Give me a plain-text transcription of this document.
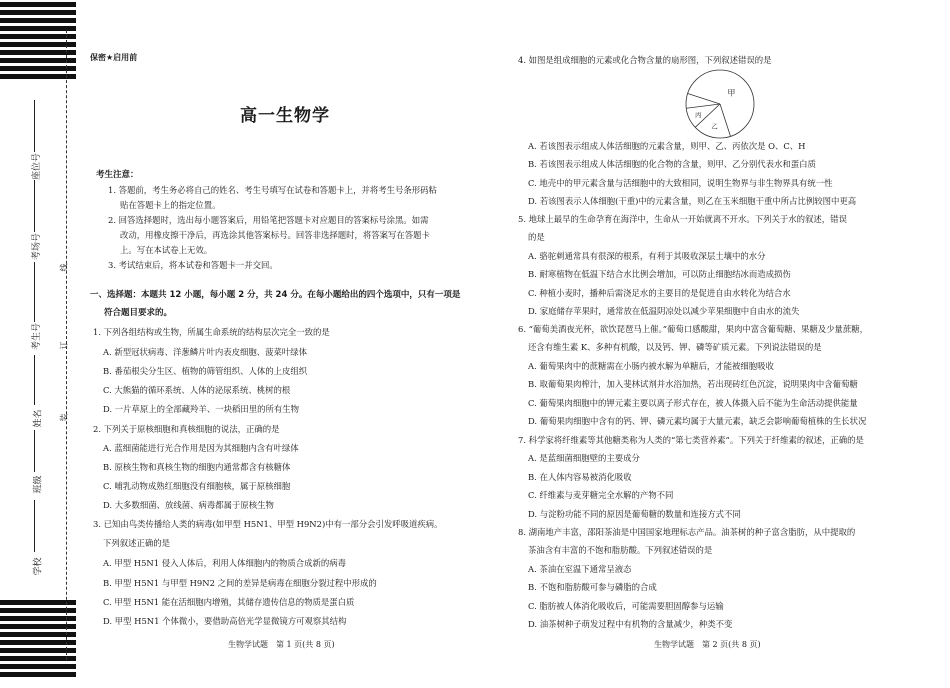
座位号
考场号
考生号
姓名
班级
学校
线
订
装
保密★启用前
高一生物学
考生注意：
1. 答题前，考生务必将自己的姓名、考生号填写在试卷和答题卡上，并将考生号条形码粘
贴在答题卡上的指定位置。
2. 回答选择题时，选出每小题答案后，用铅笔把答题卡对应题目的答案标号涂黑。如需
改动，用橡皮擦干净后，再选涂其他答案标号。回答非选择题时，将答案写在答题卡
上。写在本试卷上无效。
3. 考试结束后，将本试卷和答题卡一并交回。
一、选择题：本题共 12 小题，每小题 2 分，共 24 分。在每小题给出的四个选项中，只有一项是
符合题目要求的。
1. 下列各组结构或生物，所属生命系统的结构层次完全一致的是
A. 新型冠状病毒、洋葱鳞片叶内表皮细胞、菠菜叶绿体
B. 番茄根尖分生区、植物的筛管组织、人体的上皮组织
C. 大熊猫的循环系统、人体的泌尿系统、桃树的根
D. 一片草原上的全部藏羚羊、一块稻田里的所有生物
2. 下列关于原核细胞和真核细胞的说法，正确的是
A. 蓝细菌能进行光合作用是因为其细胞内含有叶绿体
B. 原核生物和真核生物的细胞内通常都含有核糖体
C. 哺乳动物成熟红细胞没有细胞核，属于原核细胞
D. 大多数细菌、放线菌、病毒都属于原核生物
3. 已知由鸟类传播给人类的病毒(如甲型 H5N1、甲型 H9N2)中有一部分会引发呼吸道疾病。
下列叙述正确的是
A. 甲型 H5N1 侵入人体后，利用人体细胞内的物质合成新的病毒
B. 甲型 H5N1 与甲型 H9N2 之间的差异是病毒在细胞分裂过程中形成的
C. 甲型 H5N1 能在活细胞内增殖，其储存遗传信息的物质是蛋白质
D. 甲型 H5N1 个体微小，要借助高倍光学显微镜方可观察其结构
生物学试题　第 1 页(共 8 页)
4. 如图是组成细胞的元素或化合物含量的扇形图，下列叙述错误的是
A. 若该图表示组成人体活细胞的元素含量，则甲、乙、丙依次是 O、C、H
B. 若该图表示组成人体活细胞的化合物的含量，则甲、乙分别代表水和蛋白质
C. 地壳中的甲元素含量与活细胞中的大致相同，说明生物界与非生物界具有统一性
D. 若该图表示人体细胞(干重)中的元素含量，则乙在玉米细胞干重中所占比例较图中更高
5. 地球上最早的生命孕育在海洋中，生命从一开始就离不开水。下列关于水的叙述，错误
的是
A. 骆驼刺通常具有很深的根系，有利于其吸收深层土壤中的水分
B. 耐寒植物在低温下结合水比例会增加，可以防止细胞结冰而造成损伤
C. 种植小麦时，播种后需浇足水的主要目的是促进自由水转化为结合水
D. 家庭储存苹果时，通常放在低温阴凉处以减少苹果细胞中自由水的流失
6. “葡萄美酒夜光杯，欲饮琵琶马上催。”葡萄口感酸甜，果肉中富含葡萄糖、果糖及少量蔗糖，
还含有维生素 K、多种有机酸，以及钙、钾、磷等矿质元素。下列说法错误的是
A. 葡萄果肉中的蔗糖需在小肠内被水解为单糖后，才能被细胞吸收
B. 取葡萄果肉榨汁，加入斐林试剂并水浴加热，若出现砖红色沉淀，说明果肉中含葡萄糖
C. 葡萄果肉细胞中的钾元素主要以离子形式存在，被人体摄入后不能为生命活动提供能量
D. 葡萄果肉细胞中含有的钙、钾、磷元素均属于大量元素，缺乏会影响葡萄植株的生长状况
7. 科学家将纤维素等其他糖类称为人类的“第七类营养素”。下列关于纤维素的叙述，正确的是
A. 是蓝细菌细胞壁的主要成分
B. 在人体内容易被消化吸收
C. 纤维素与麦芽糖完全水解的产物不同
D. 与淀粉功能不同的原因是葡萄糖的数量和连接方式不同
8. 湖南地产丰富，邵阳茶油是中国国家地理标志产品。油茶树的种子富含脂肪，从中提取的
茶油含有丰富的不饱和脂肪酸。下列叙述错误的是
A. 茶油在室温下通常呈液态
B. 不饱和脂肪酸可参与磷脂的合成
C. 脂肪被人体消化吸收后，可能需要胆固醇参与运输
D. 油茶树种子萌发过程中有机物的含量减少，种类不变
甲
乙
丙
生物学试题　第 2 页(共 8 页)
